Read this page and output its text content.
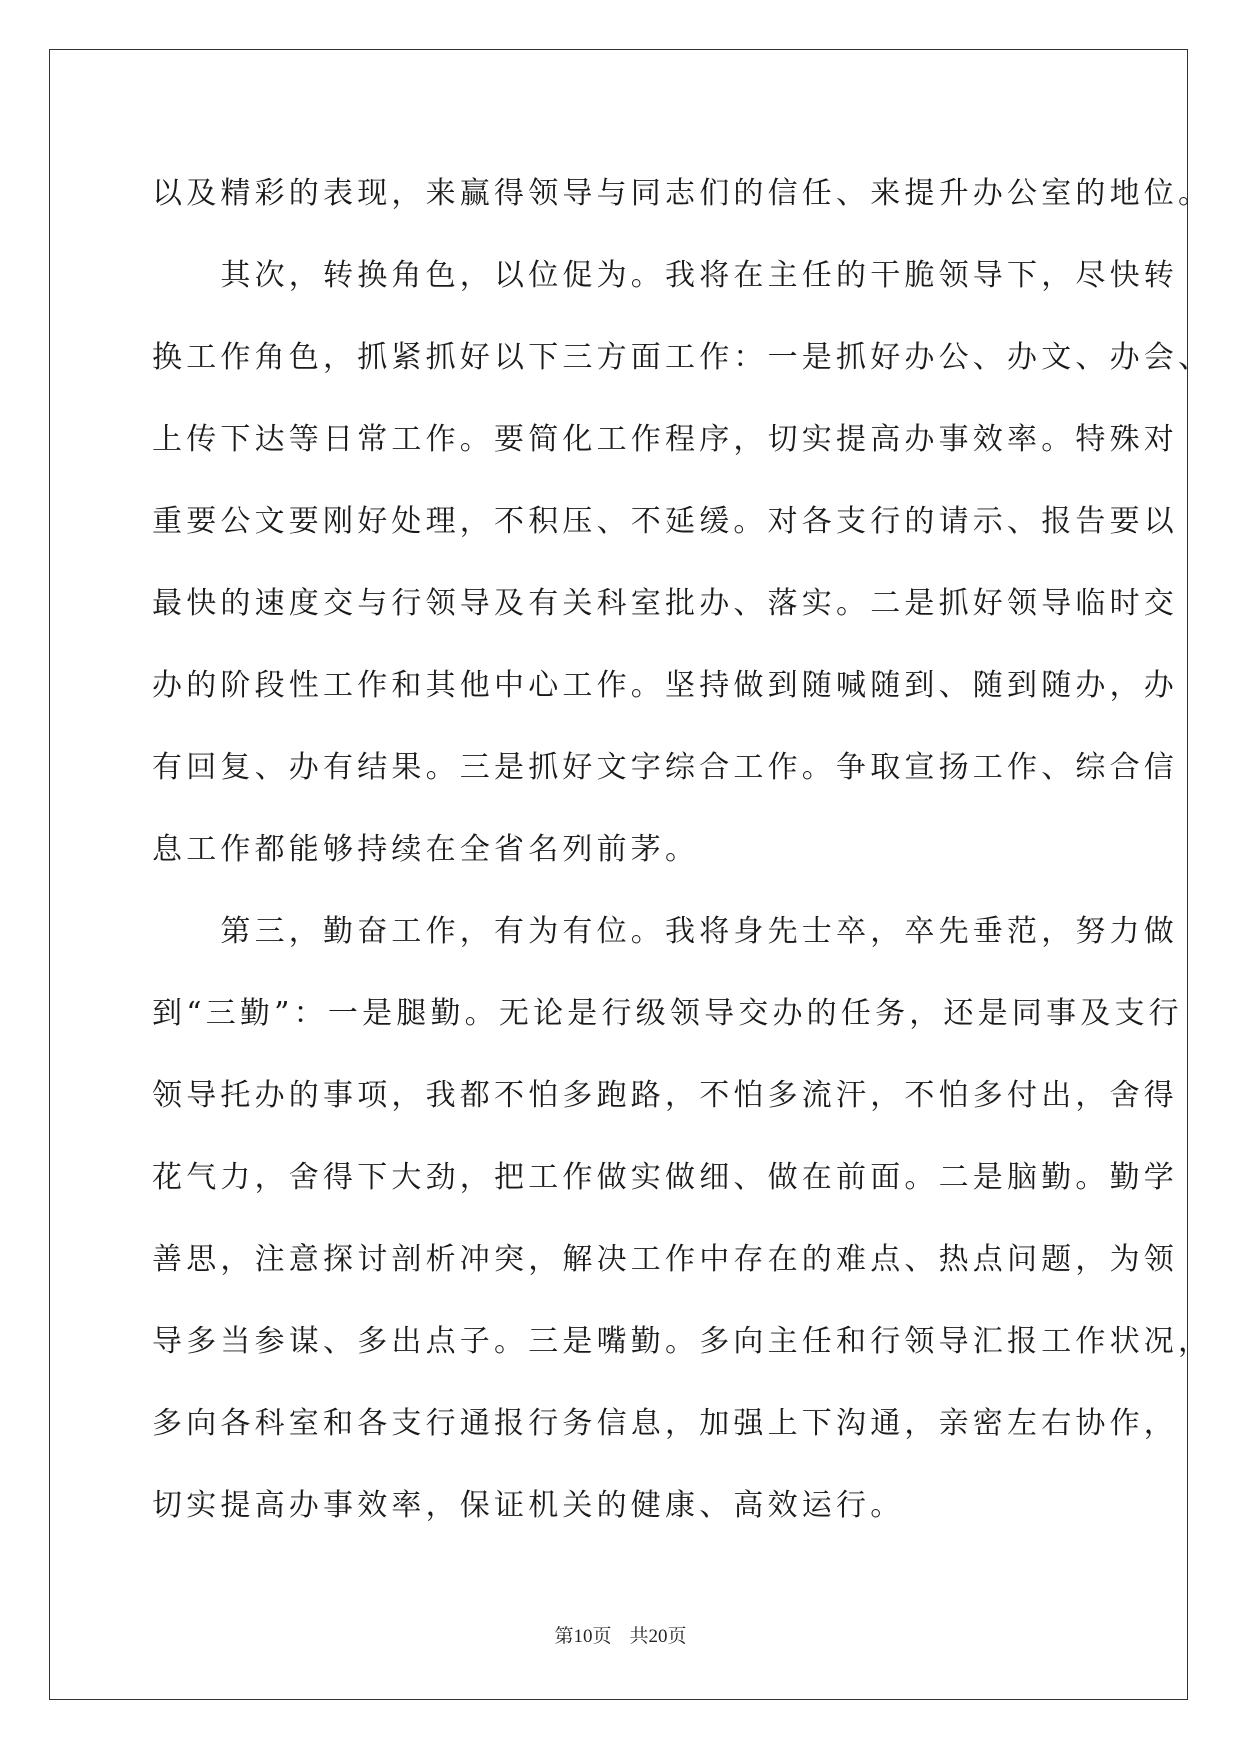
以及精彩的表现，来赢得领导与同志们的信任、来提升办公室的地位。
　　其次，转换角色，以位促为。我将在主任的干脆领导下，尽快转
换工作角色，抓紧抓好以下三方面工作：一是抓好办公、办文、办会、
上传下达等日常工作。要简化工作程序，切实提高办事效率。特殊对
重要公文要刚好处理，不积压、不延缓。对各支行的请示、报告要以
最快的速度交与行领导及有关科室批办、落实。二是抓好领导临时交
办的阶段性工作和其他中心工作。坚持做到随喊随到、随到随办，办
有回复、办有结果。三是抓好文字综合工作。争取宣扬工作、综合信
息工作都能够持续在全省名列前茅。
　　第三，勤奋工作，有为有位。我将身先士卒，卒先垂范，努力做
到“三勤”：一是腿勤。无论是行级领导交办的任务，还是同事及支行
领导托办的事项，我都不怕多跑路，不怕多流汗，不怕多付出，舍得
花气力，舍得下大劲，把工作做实做细、做在前面。二是脑勤。勤学
善思，注意探讨剖析冲突，解决工作中存在的难点、热点问题，为领
导多当参谋、多出点子。三是嘴勤。多向主任和行领导汇报工作状况，
多向各科室和各支行通报行务信息，加强上下沟通，亲密左右协作，
切实提高办事效率，保证机关的健康、高效运行。
第10页 共20页
